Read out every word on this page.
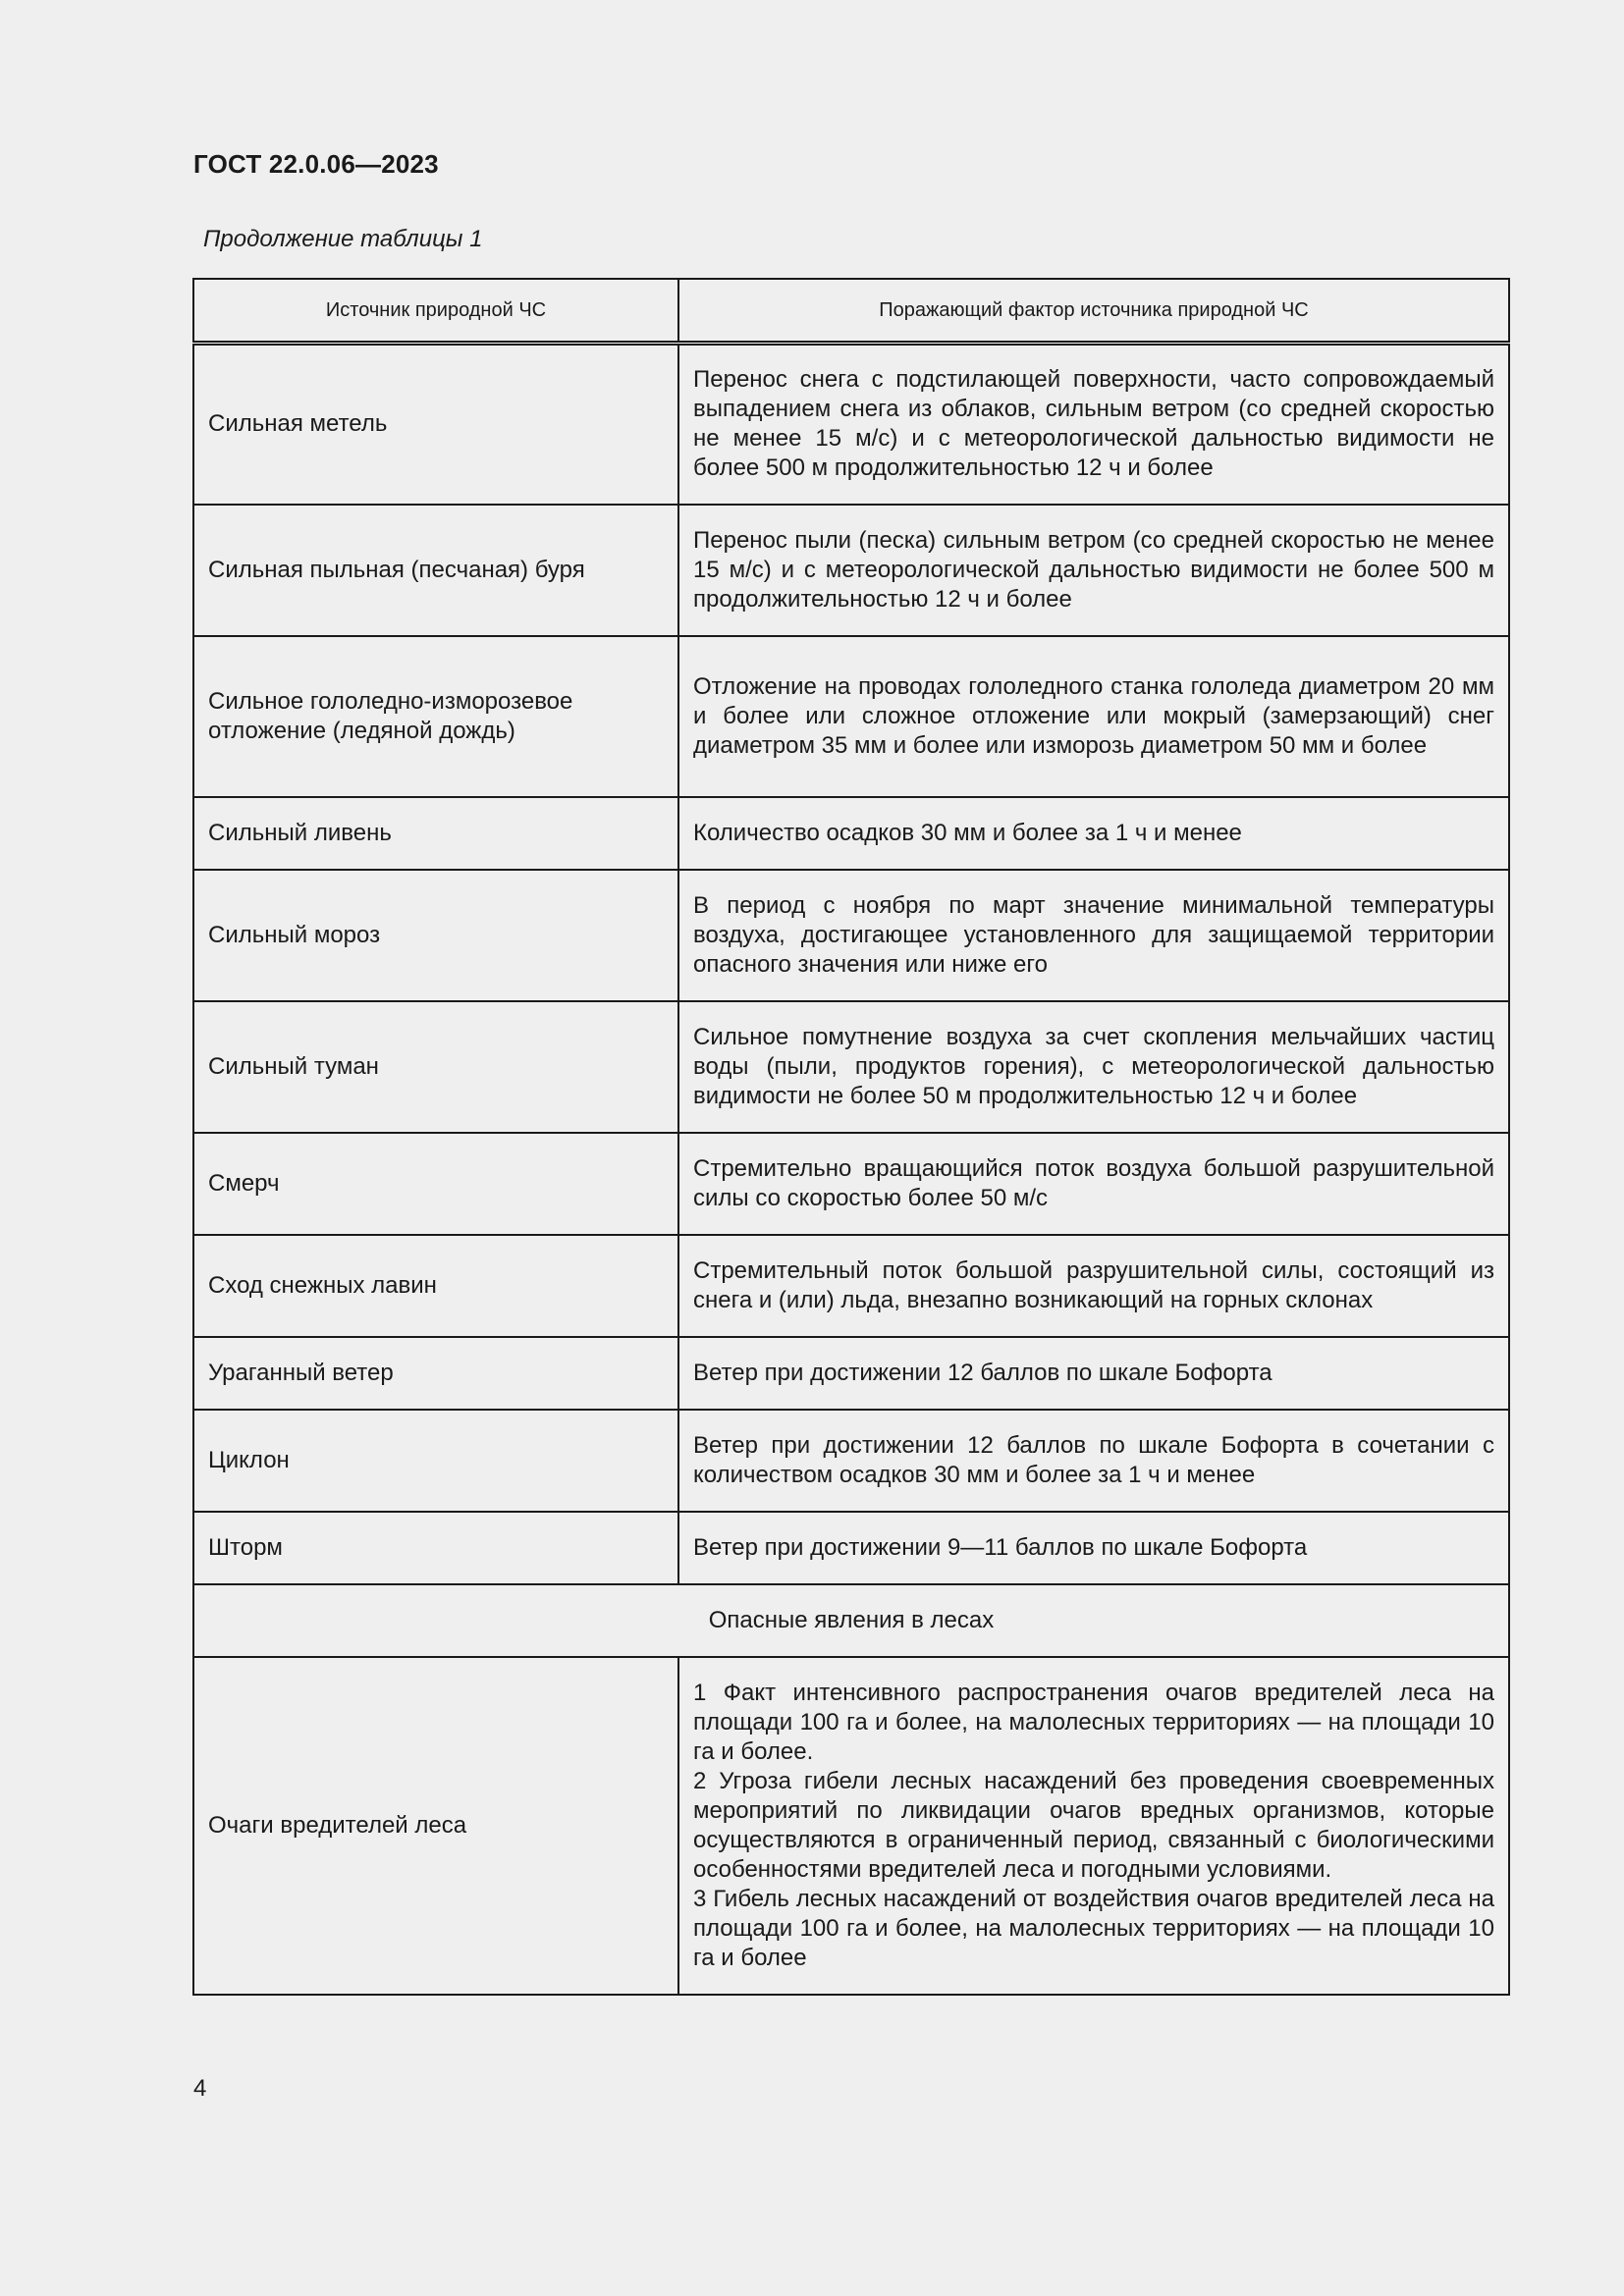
ГОСТ 22.0.06—2023
Продолжение таблицы 1
Источник природной ЧС	Поражающий фактор источника природной ЧС
Сильная метель	Перенос снега с подстилающей поверхности, часто сопровождаемый выпадением снега из облаков, сильным ветром (со средней скоростью не менее 15 м/с) и с метеорологической дальностью видимости не более 500 м продолжительностью 12 ч и более
Сильная пыльная (песчаная) буря	Перенос пыли (песка) сильным ветром (со средней скоростью не менее 15 м/с) и с метеорологической дальностью видимости не более 500 м продолжительностью 12 ч и более
Сильное гололедно-изморозевое отложение (ледяной дождь)	Отложение на проводах гололедного станка гололеда диаметром 20 мм и более или сложное отложение или мокрый (замерзающий) снег диаметром 35 мм и более или изморозь диаметром 50 мм и более
Сильный ливень	Количество осадков 30 мм и более за 1 ч и менее
Сильный мороз	В период с ноября по март значение минимальной температуры воздуха, достигающее установленного для защищаемой территории опасного значения или ниже его
Сильный туман	Сильное помутнение воздуха за счет скопления мельчайших частиц воды (пыли, продуктов горения), с метеорологической дальностью видимости не более 50 м продолжительностью 12 ч и более
Смерч	Стремительно вращающийся поток воздуха большой разрушительной силы со скоростью более 50 м/с
Сход снежных лавин	Стремительный поток большой разрушительной силы, состоящий из снега и (или) льда, внезапно возникающий на горных склонах
Ураганный ветер	Ветер при достижении 12 баллов по шкале Бофорта
Циклон	Ветер при достижении 12 баллов по шкале Бофорта в сочетании с количеством осадков 30 мм и более за 1 ч и менее
Шторм	Ветер при достижении 9—11 баллов по шкале Бофорта
Опасные явления в лесах	
Очаги вредителей леса	1 Факт интенсивного распространения очагов вредителей леса на площади 100 га и более, на малолесных территориях — на площади 10 га и более.
2 Угроза гибели лесных насаждений без проведения своевременных мероприятий по ликвидации очагов вредных организмов, которые осуществляются в ограниченный период, связанный с биологическими особенностями вредителей леса и погодными условиями.
3 Гибель лесных насаждений от воздействия очагов вредителей леса на площади 100 га и более, на малолесных территориях — на площади 10 га и более
4
